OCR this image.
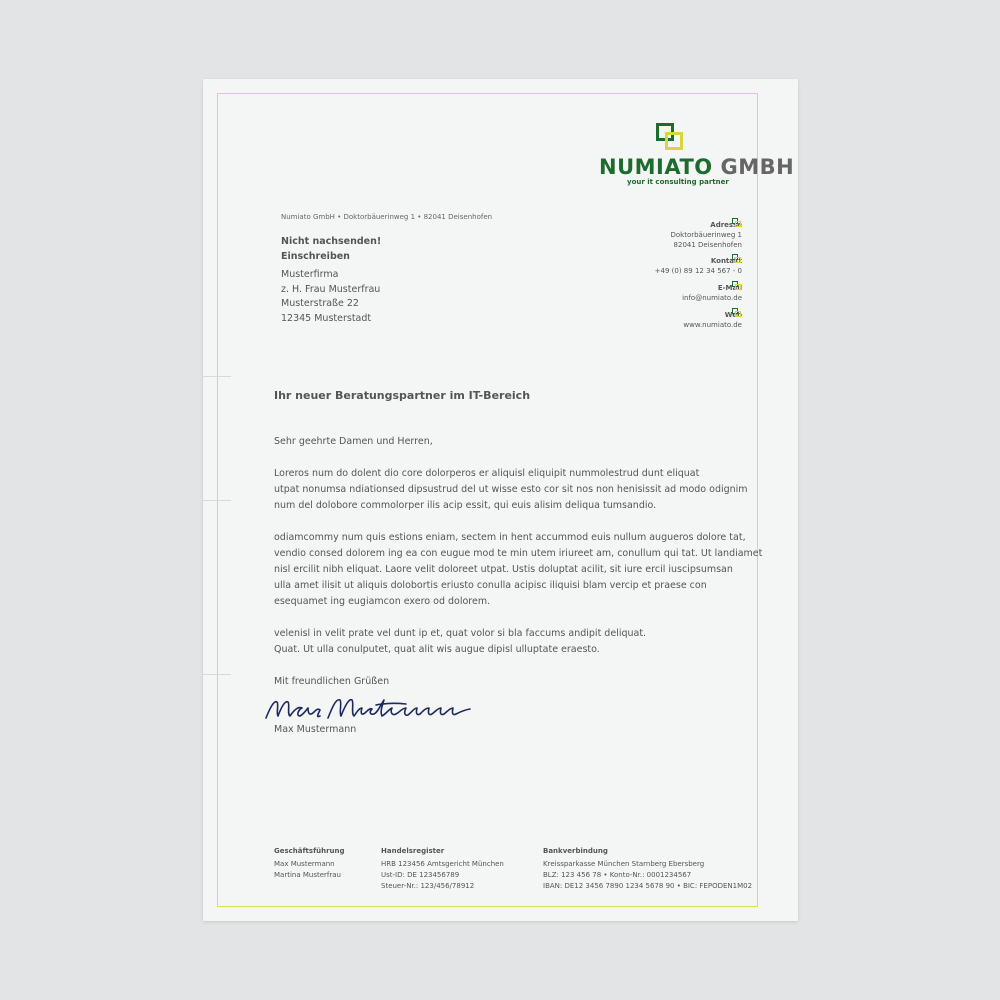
NUMIATO GMBH
your it consulting partner
Numiato GmbH • Doktorbäuerinweg 1 • 82041 Deisenhofen
Nicht nachsenden!
Einschreiben
Musterfirma
z. H. Frau Musterfrau
Musterstraße 22
12345 Musterstadt
Adresse
Doktorbäuerinweg 1
82041 Deisenhofen
Kontakt
+49 (0) 89 12 34 567 - 0
E-Mail
info@numiato.de
Web
www.numiato.de
Ihr neuer Beratungspartner im IT-Bereich
Sehr geehrte Damen und Herren,
Loreros num do dolent dio core dolorperos er aliquisl eliquipit nummolestrud dunt eliquat
utpat nonumsa ndiationsed dipsustrud del ut wisse esto cor sit nos non henisissit ad modo odignim
num del dolobore commolorper ilis acip essit, qui euis alisim deliqua tumsandio.
odiamcommy num quis estions eniam, sectem in hent accummod euis nullum augueros dolore tat,
vendio consed dolorem ing ea con eugue mod te min utem iriureet am, conullum qui tat. Ut landiamet
nisl ercilit nibh eliquat. Laore velit doloreet utpat. Ustis doluptat acilit, sit iure ercil iuscipsumsan
ulla amet ilisit ut aliquis dolobortis eriusto conulla acipisc iliquisi blam vercip et praese con
esequamet ing eugiamcon exero od dolorem.
velenisl in velit prate vel dunt ip et, quat volor si bla faccums andipit deliquat.
Quat. Ut ulla conulputet, quat alit wis augue dipisl ulluptate eraesto.
Mit freundlichen Grüßen
Max Mustermann
Geschäftsführung
Max Mustermann
Martina Musterfrau
Handelsregister
HRB 123456 Amtsgericht München
Ust-ID: DE 123456789
Steuer-Nr.: 123/456/78912
Bankverbindung
Kreissparkasse München Starnberg Ebersberg
BLZ: 123 456 78 • Konto-Nr.: 0001234567
IBAN: DE12 3456 7890 1234 5678 90 • BIC: FEPODEN1M02
